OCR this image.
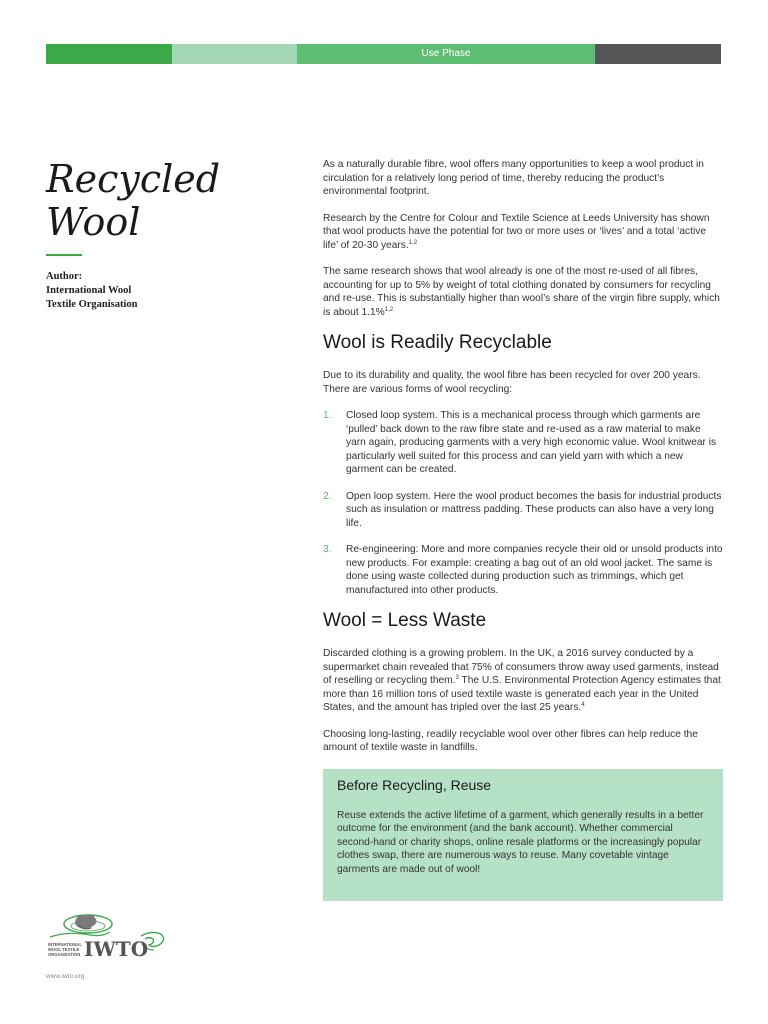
Use Phase
Recycled
Wool
Author:
International Wool
Textile Organisation

As a naturally durable fibre, wool offers many opportunities to keep a wool product in circulation for a relatively long period of time, thereby reducing the product’s environmental footprint.

Research by the Centre for Colour and Textile Science at Leeds University has shown that wool products have the potential for two or more uses or ‘lives’ and a total ‘active life’ of 20-30 years.$^{1,2}$

The same research shows that wool already is one of the most re-used of all fibres, accounting for up to 5% by weight of total clothing donated by consumers for recycling and re-use. This is substantially higher than wool’s share of the virgin fibre supply, which is about 1.1%$^{1,2}$

Wool is Readily Recyclable

Due to its durability and quality, the wool fibre has been recycled for over 200 years. There are various forms of wool recycling:

1.	Closed loop system. This is a mechanical process through which garments are ‘pulled’ back down to the raw fibre state and re-used as a raw material to make yarn again, producing garments with a very high economic value. Wool knitwear is particularly well suited for this process and can yield yarn with which a new garment can be created.
2.	Open loop system. Here the wool product becomes the basis for industrial products such as insulation or mattress padding. These products can also have a very long life.
3.	Re-engineering: More and more companies recycle their old or unsold products into new products. For example: creating a bag out of an old wool jacket. The same is done using waste collected during production such as trimmings, which get manufactured into other products.
Wool = Less Waste

Discarded clothing is a growing problem. In the UK, a 2016 survey conducted by a supermarket chain revealed that 75% of consumers throw away used garments, instead of reselling or recycling them.$^3$ The U.S. Environmental Protection Agency estimates that more than 16 million tons of used textile waste is generated each year in the United States, and the amount has tripled over the last 25 years.$^4$

Choosing long-lasting, readily recyclable wool over other fibres can help reduce the amount of textile waste in landfills.

Before Recycling, Reuse

Reuse extends the active lifetime of a garment, which generally results in a better outcome for the environment (and the bank account). Whether commercial second-hand or charity shops, online resale platforms or the increasingly popular clothes swap, there are numerous ways to reuse. Many covetable vintage garments are made out of wool!

INTERNATIONAL
WOOL TEXTILE
ORGANISATION IWTO
www.iwto.org
